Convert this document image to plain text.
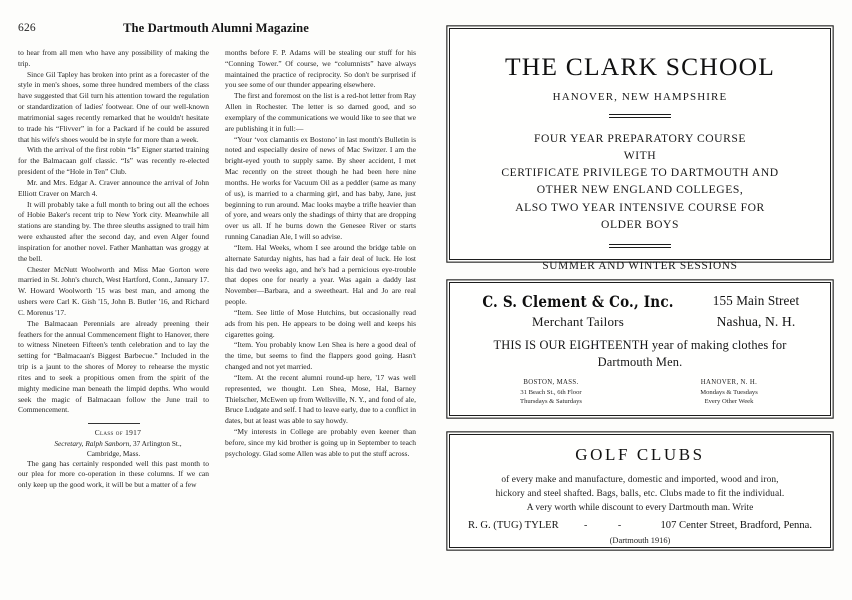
626	The Dartmouth Alumni Magazine

to hear from all men who have any possibility of making the trip.

Since Gil Tapley has broken into print as a forecaster of the style in men's shoes, some three hundred members of the class have suggested that Gil turn his attention toward the regulation or standardization of ladies' footwear. One of our well-known matrimonial sages recently remarked that he wouldn't hesitate to trade his “Flivver” in for a Packard if he could be assured that his wife's shoes would be in style for more than a week.

With the arrival of the first robin “Is” Eigner started training for the Balmacaan golf classic. “Is” was recently re-elected president of the “Hole in Ten” Club.

Mr. and Mrs. Edgar A. Craver announce the arrival of John Elliott Craver on March 4.

It will probably take a full month to bring out all the echoes of Hobie Baker's recent trip to New York city. Meanwhile all stations are standing by. The three sleuths assigned to trail him were exhausted after the second day, and even Alger found inspiration for another novel. Father Manhattan was groggy at the bell.

Chester McNutt Woolworth and Miss Mae Gorton were married in St. John's church, West Hartford, Conn., January 17. W. Howard Woolworth '15 was best man, and among the ushers were Carl K. Gish '15, John B. Butler '16, and Richard C. Morenus '17.

The Balmacaan Perennials are already preening their feathers for the annual Commencement flight to Hanover, there to witness Nineteen Fifteen's tenth celebration and to lay the setting for “Balmacaan's Biggest Barbecue.” Included in the trip is a jaunt to the shores of Morey to rehearse the mystic rites and to seek a propitious omen from the spirit of the mighty medicine man beneath the limpid depths. Who would seek the magic of Balmacaan follow the June trail to Commencement.

Class of 1917

Secretary, Ralph Sanborn, 37 Arlington St.,
Cambridge, Mass.

The gang has certainly responded well this past month to our plea for more co-operation in these columns. If we can only keep up the good work, it will be but a matter of a few

months before F. P. Adams will be stealing our stuff for his “Conning Tower.” Of course, we “columnists” have always maintained the practice of reciprocity. So don't be surprised if you see some of our thunder appearing elsewhere.

The first and foremost on the list is a red-hot letter from Ray Allen in Rochester. The letter is so darned good, and so exemplary of the communications we would like to see that we are publishing it in full:—

“Your ‘vox clamantis ex Bostono’ in last month's Bulletin is noted and especially desire of news of Mac Switzer. I am the bright-eyed youth to supply same. By sheer accident, I met Mac recently on the street though he had been here nine months. He works for Vacuum Oil as a peddler (same as many of us), is married to a charming girl, and has baby, Jane, just beginning to run around. Mac looks maybe a trifle heavier than of yore, and wears only the shadings of thirty that are dropping over us all. If he burns down the Genesee River or starts running Canadian Ale, I will so advise.

“Item. Hal Weeks, whom I see around the bridge table on alternate Saturday nights, has had a fair deal of luck. He lost his dad two weeks ago, and he's had a pernicious eye-trouble that dopes one for nearly a year. Was again a daddy last November—Barbara, and a sweetheart. Hal and Jo are real people.

“Item. See little of Mose Hutchins, but occasionally read ads from his pen. He appears to be doing well and keeps his cigarettes going.

“Item. You probably know Len Shea is here a good deal of the time, but seems to find the flappers good going. Hasn't changed and not yet married.

“Item. At the recent alumni round-up here, '17 was well represented, we thought. Len Shea, Mose, Hal, Barney Thielscher, McEwen up from Wellsville, N. Y., and fond of ale, Bruce Ludgate and self. I had to leave early, due to a conflict in dates, but at least was able to say howdy.

“My interests in College are probably even keener than before, since my kid brother is going up in September to teach psychology. Glad some Allen was able to put the stuff across.

THE CLARK SCHOOL
HANOVER, NEW HAMPSHIRE
FOUR YEAR PREPARATORY COURSE
WITH
CERTIFICATE PRIVILEGE TO DARTMOUTH AND
OTHER NEW ENGLAND COLLEGES,
ALSO TWO YEAR INTENSIVE COURSE FOR
OLDER BOYS
SUMMER AND WINTER SESSIONS
C. S. Clement & Co., Inc.
Merchant Tailors
155 Main Street
Nashua, N. H.
THIS IS OUR EIGHTEENTH year of making clothes for
Dartmouth Men.
BOSTON, MASS.
31 Beach St., 6th Floor
Thursdays & Saturdays
HANOVER, N. H.
Mondays & Tuesdays
Every Other Week
GOLF CLUBS
of every make and manufacture, domestic and imported, wood and iron,
hickory and steel shafted. Bags, balls, etc. Clubs made to fit the individual.
A very worth while discount to every Dartmouth man. Write
R. G. (TUG) TYLER	- - 107 Center Street, Bradford, Penna.
(Dartmouth 1916)
